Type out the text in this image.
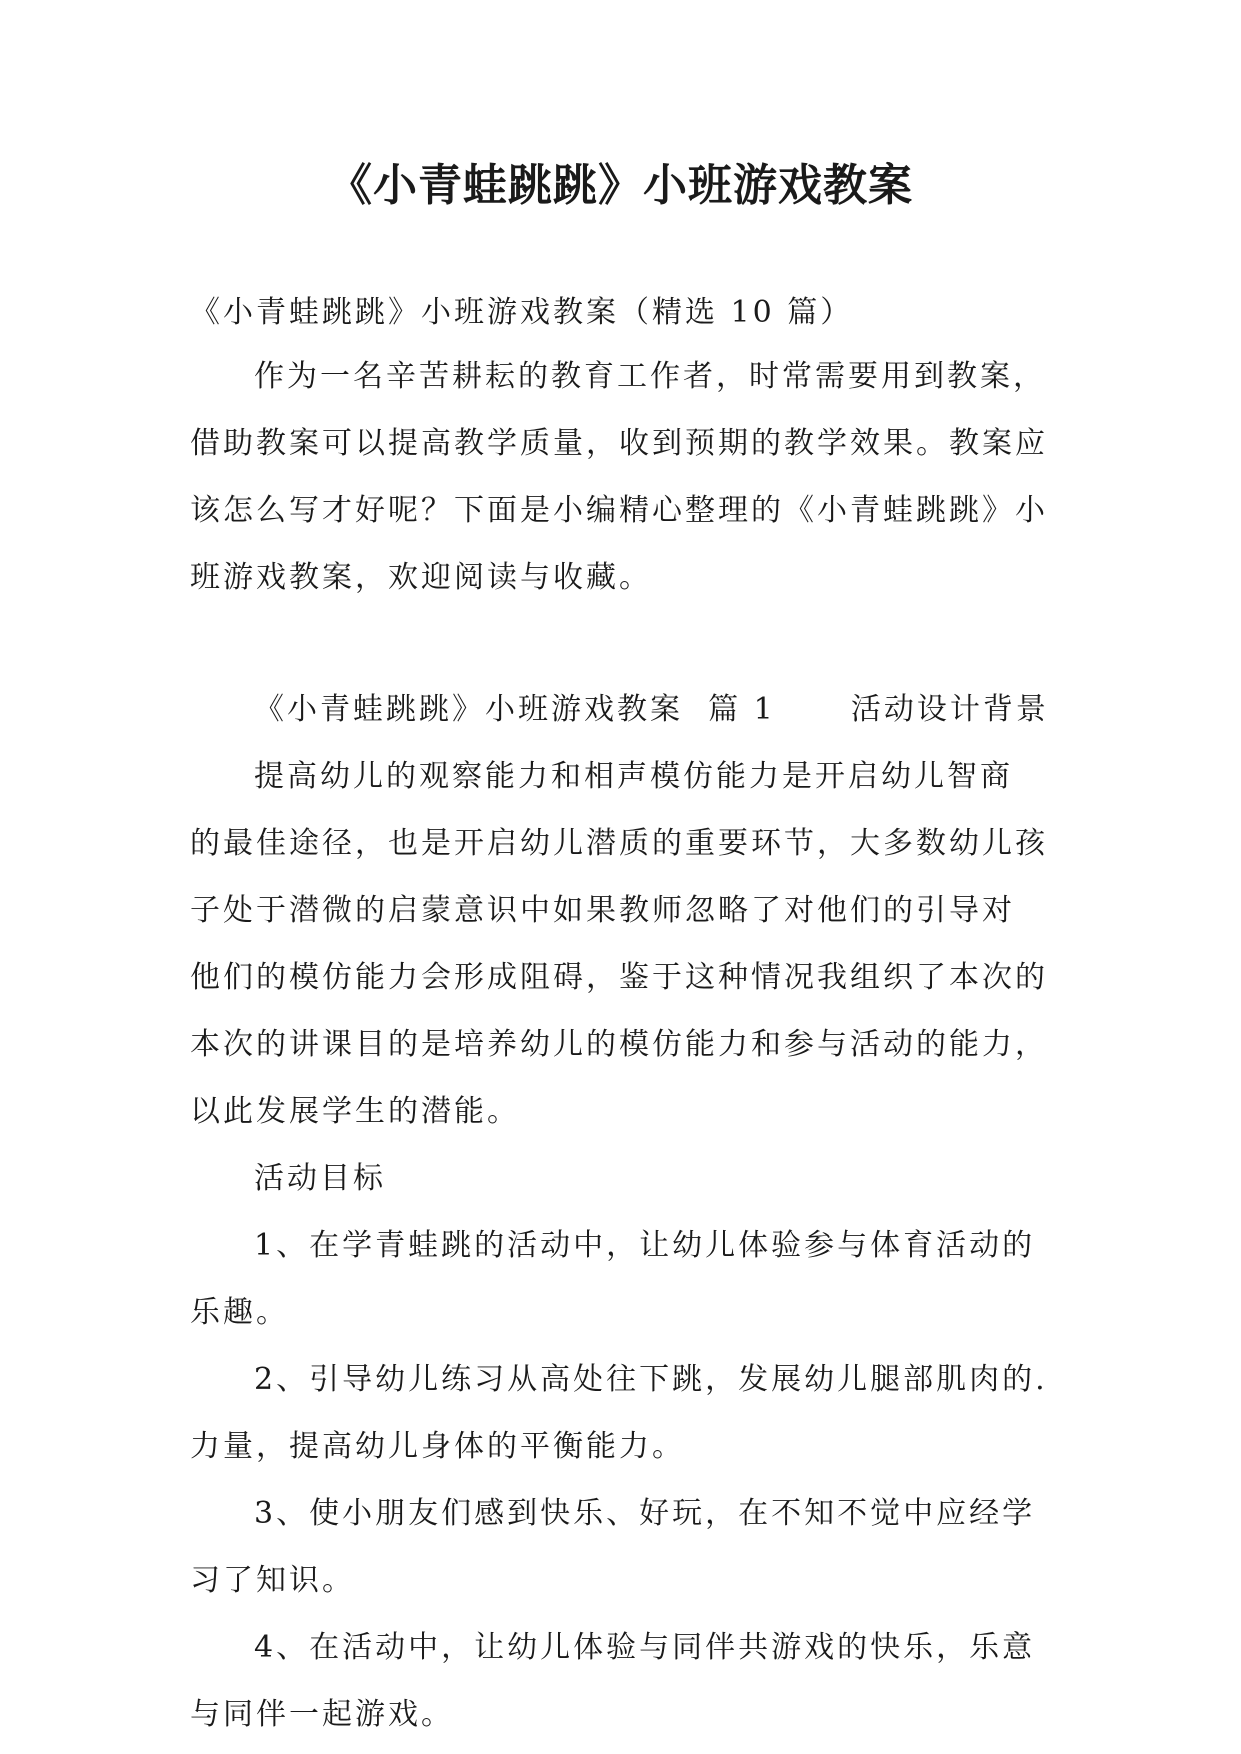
《小青蛙跳跳》小班游戏教案
《小青蛙跳跳》小班游戏教案（精选 10 篇）
作为一名辛苦耕耘的教育工作者，时常需要用到教案，
借助教案可以提高教学质量，收到预期的教学效果。教案应
该怎么写才好呢？下面是小编精心整理的《小青蛙跳跳》小
班游戏教案，欢迎阅读与收藏。
《小青蛙跳跳》小班游戏教案  篇 1      活动设计背景
提高幼儿的观察能力和相声模仿能力是开启幼儿智商
的最佳途径，也是开启幼儿潜质的重要环节，大多数幼儿孩
子处于潜微的启蒙意识中如果教师忽略了对他们的引导对
他们的模仿能力会形成阻碍，鉴于这种情况我组织了本次的
本次的讲课目的是培养幼儿的模仿能力和参与活动的能力，
以此发展学生的潜能。
活动目标
1、在学青蛙跳的活动中，让幼儿体验参与体育活动的
乐趣。
2、引导幼儿练习从高处往下跳，发展幼儿腿部肌肉的.
力量，提高幼儿身体的平衡能力。
3、使小朋友们感到快乐、好玩，在不知不觉中应经学
习了知识。
4、在活动中，让幼儿体验与同伴共游戏的快乐，乐意
与同伴一起游戏。
